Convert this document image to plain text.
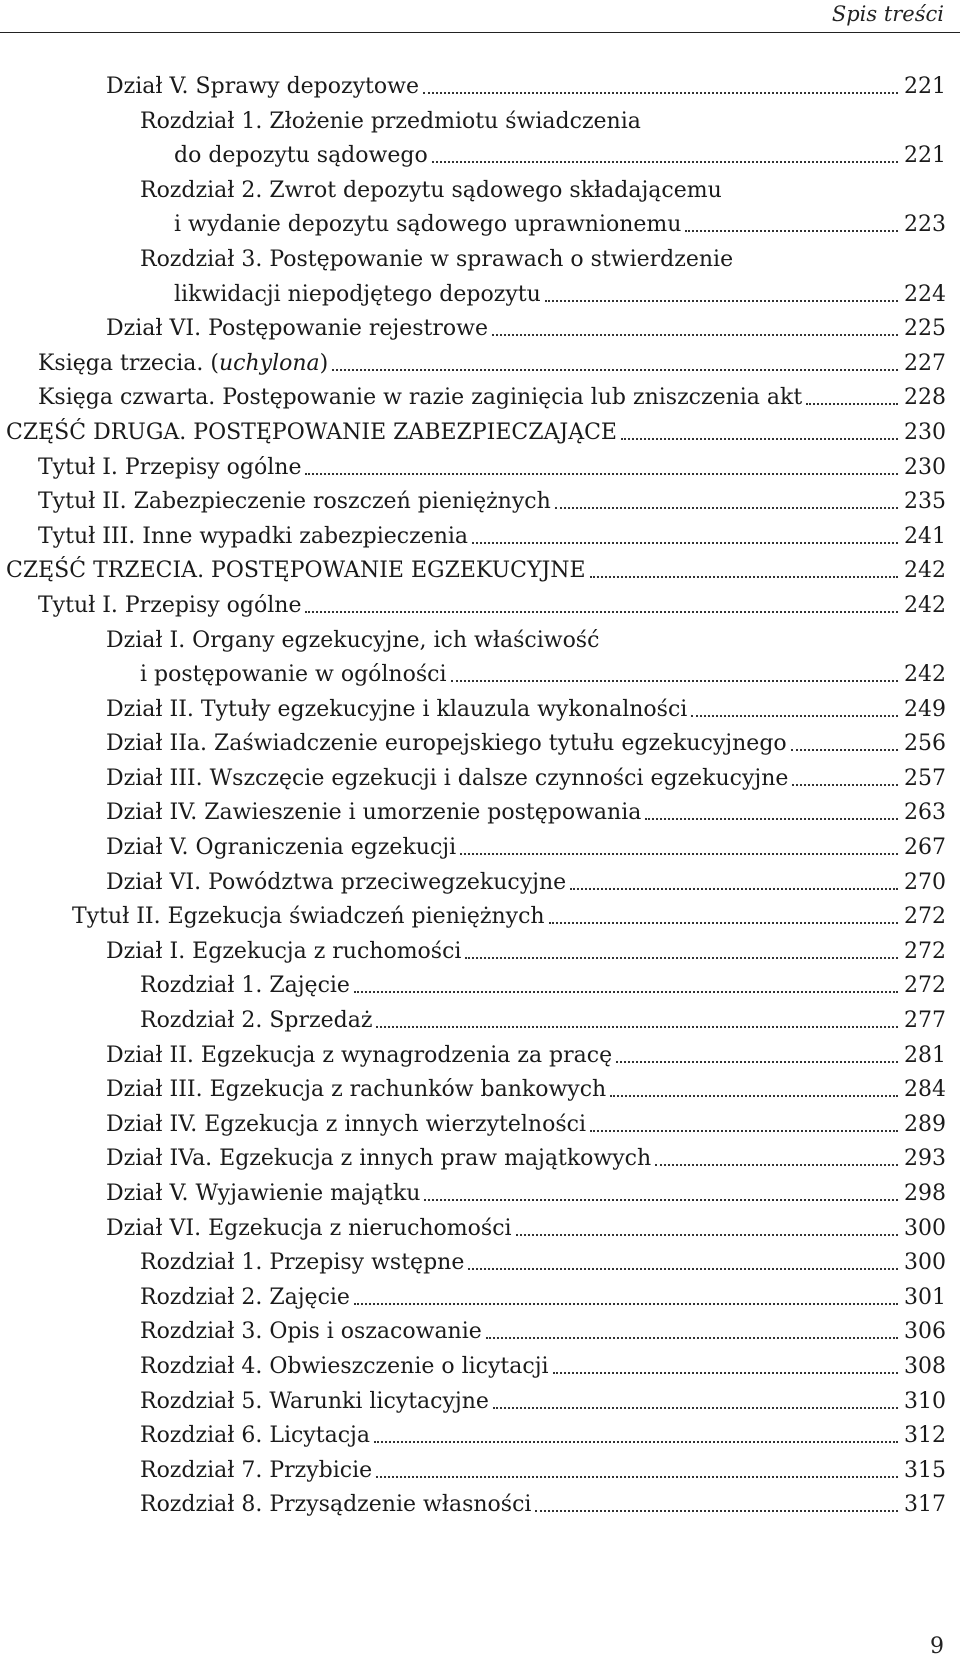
Spis treści
Dział V. Sprawy depozytowe	221
Rozdział 1. Złożenie przedmiotu świadczenia
do depozytu sądowego	221
Rozdział 2. Zwrot depozytu sądowego składającemu
i wydanie depozytu sądowego uprawnionemu	223
Rozdział 3. Postępowanie w sprawach o stwierdzenie
likwidacji niepodjętego depozytu	224
Dział VI. Postępowanie rejestrowe	225
Księga trzecia. (uchylona)	227
Księga czwarta. Postępowanie w razie zaginięcia lub zniszczenia akt	228
CZĘŚĆ DRUGA. POSTĘPOWANIE ZABEZPIECZAJĄCE	230
Tytuł I. Przepisy ogólne	230
Tytuł II. Zabezpieczenie roszczeń pieniężnych	235
Tytuł III. Inne wypadki zabezpieczenia	241
CZĘŚĆ TRZECIA. POSTĘPOWANIE EGZEKUCYJNE	242
Tytuł I. Przepisy ogólne	242
Dział I. Organy egzekucyjne, ich właściwość
i postępowanie w ogólności	242
Dział II. Tytuły egzekucyjne i klauzula wykonalności	249
Dział IIa. Zaświadczenie europejskiego tytułu egzekucyjnego	256
Dział III. Wszczęcie egzekucji i dalsze czynności egzekucyjne	257
Dział IV. Zawieszenie i umorzenie postępowania	263
Dział V. Ograniczenia egzekucji	267
Dział VI. Powództwa przeciwegzekucyjne	270
Tytuł II. Egzekucja świadczeń pieniężnych	272
Dział I. Egzekucja z ruchomości	272
Rozdział 1. Zajęcie	272
Rozdział 2. Sprzedaż	277
Dział II. Egzekucja z wynagrodzenia za pracę	281
Dział III. Egzekucja z rachunków bankowych	284
Dział IV. Egzekucja z innych wierzytelności	289
Dział IVa. Egzekucja z innych praw majątkowych	293
Dział V. Wyjawienie majątku	298
Dział VI. Egzekucja z nieruchomości	300
Rozdział 1. Przepisy wstępne	300
Rozdział 2. Zajęcie	301
Rozdział 3. Opis i oszacowanie	306
Rozdział 4. Obwieszczenie o licytacji	308
Rozdział 5. Warunki licytacyjne	310
Rozdział 6. Licytacja	312
Rozdział 7. Przybicie	315
Rozdział 8. Przysądzenie własności	317
9
